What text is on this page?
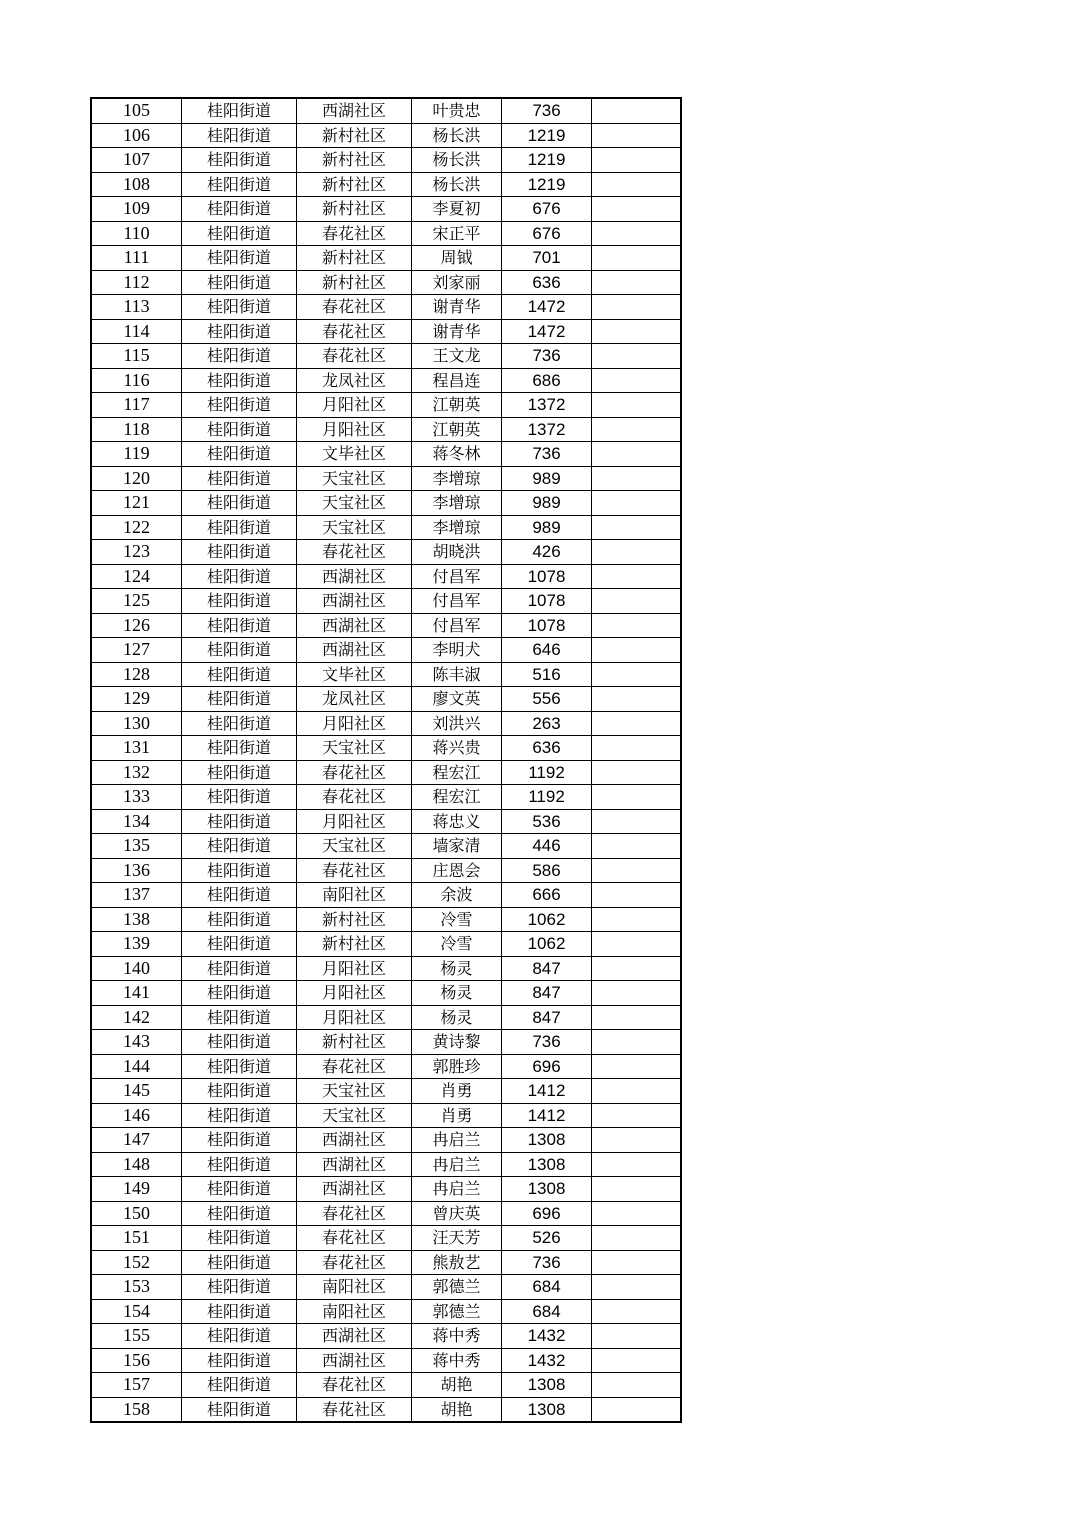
105	桂阳街道	西湖社区	叶贵忠	736	
106	桂阳街道	新村社区	杨长洪	1219	
107	桂阳街道	新村社区	杨长洪	1219	
108	桂阳街道	新村社区	杨长洪	1219	
109	桂阳街道	新村社区	李夏初	676	
110	桂阳街道	春花社区	宋正平	676	
111	桂阳街道	新村社区	周钺	701	
112	桂阳街道	新村社区	刘家丽	636	
113	桂阳街道	春花社区	谢青华	1472	
114	桂阳街道	春花社区	谢青华	1472	
115	桂阳街道	春花社区	王文龙	736	
116	桂阳街道	龙凤社区	程昌连	686	
117	桂阳街道	月阳社区	江朝英	1372	
118	桂阳街道	月阳社区	江朝英	1372	
119	桂阳街道	文毕社区	蒋冬林	736	
120	桂阳街道	天宝社区	李增琼	989	
121	桂阳街道	天宝社区	李增琼	989	
122	桂阳街道	天宝社区	李增琼	989	
123	桂阳街道	春花社区	胡晓洪	426	
124	桂阳街道	西湖社区	付昌军	1078	
125	桂阳街道	西湖社区	付昌军	1078	
126	桂阳街道	西湖社区	付昌军	1078	
127	桂阳街道	西湖社区	李明犬	646	
128	桂阳街道	文毕社区	陈丰淑	516	
129	桂阳街道	龙凤社区	廖文英	556	
130	桂阳街道	月阳社区	刘洪兴	263	
131	桂阳街道	天宝社区	蒋兴贵	636	
132	桂阳街道	春花社区	程宏江	1192	
133	桂阳街道	春花社区	程宏江	1192	
134	桂阳街道	月阳社区	蒋忠义	536	
135	桂阳街道	天宝社区	墙家清	446	
136	桂阳街道	春花社区	庄恩会	586	
137	桂阳街道	南阳社区	余波	666	
138	桂阳街道	新村社区	冷雪	1062	
139	桂阳街道	新村社区	冷雪	1062	
140	桂阳街道	月阳社区	杨灵	847	
141	桂阳街道	月阳社区	杨灵	847	
142	桂阳街道	月阳社区	杨灵	847	
143	桂阳街道	新村社区	黄诗黎	736	
144	桂阳街道	春花社区	郭胜珍	696	
145	桂阳街道	天宝社区	肖勇	1412	
146	桂阳街道	天宝社区	肖勇	1412	
147	桂阳街道	西湖社区	冉启兰	1308	
148	桂阳街道	西湖社区	冉启兰	1308	
149	桂阳街道	西湖社区	冉启兰	1308	
150	桂阳街道	春花社区	曾庆英	696	
151	桂阳街道	春花社区	汪天芳	526	
152	桂阳街道	春花社区	熊敖艺	736	
153	桂阳街道	南阳社区	郭德兰	684	
154	桂阳街道	南阳社区	郭德兰	684	
155	桂阳街道	西湖社区	蒋中秀	1432	
156	桂阳街道	西湖社区	蒋中秀	1432	
157	桂阳街道	春花社区	胡艳	1308	
158	桂阳街道	春花社区	胡艳	1308	
